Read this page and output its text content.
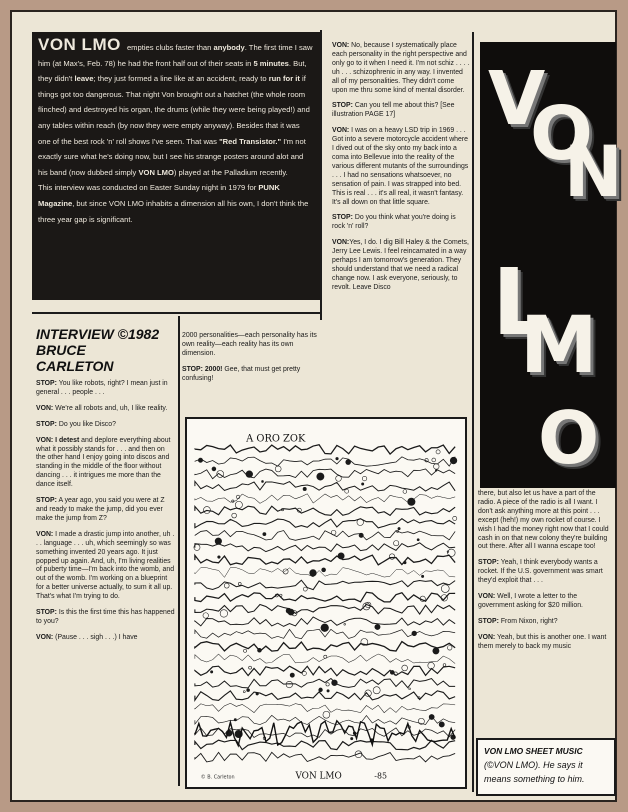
VON LMO empties clubs faster than anybody. The first time I saw him (at Max's, Feb. 78) he had the front half out of their seats in 5 minutes. But, they didn't leave; they just formed a line like at an accident, ready to run for it if things got too dangerous. That night Von brought out a hatchet (the whole room flinched) and destroyed his organ, the drums (while they were being played!) and any tables within reach (by now they were empty anyway). Besides that it was one of the best rock 'n' roll shows I've seen. That was "Red Transistor." I'm not exactly sure what he's doing now, but I see his strange posters around alot and his band (now dubbed simply VON LMO) played at the Palladium recently.
This interview was conducted on Easter Sunday night in 1979 for PUNK Magazine, but since VON LMO inhabits a dimension all his own, I don't think the three year gap is significant.
INTERVIEW ©1982 BRUCE CARLETON

STOP: You like robots, right? I mean just in general . . . people . . .

VON: We're all robots and, uh, I like reality.

STOP: Do you like Disco?

VON: I detest and deplore everything about what it possibly stands for . . . and then on the other hand I enjoy going into discos and standing in the middle of the floor without dancing . . . it intrigues me more than the dance itself.

STOP: A year ago, you said you were at Z and ready to make the jump, did you ever make the jump from Z?

VON: I made a drastic jump into another, uh . . . language . . . uh, which seemingly so was something invented 20 years ago. It just popped up again. And, uh, I'm living realities of puberty time—I'm back into the womb, and out of the womb. I'm working on a blueprint for a better universe actually, to sum it all up. That's what I'm trying to do.

STOP: Is this the first time this has happened to you?

VON: (Pause . . . sigh . . .) I have

2000 personalities—each personality has its own reality—each reality has its own dimension.

STOP: 2000! Gee, that must get pretty confusing!

VON: No, because I systematically place each personality in the right perspective and only go to it when I need it. I'm not schiz . . . . uh . . . schizophrenic in any way. I invented all of my personalities. They didn't come upon me thru some kind of mental disorder.

STOP: Can you tell me about this? [See illustration PAGE 17]

VON: I was on a heavy LSD trip in 1969 . . . Got into a severe motorcycle accident where I dived out of the sky onto my back into a coma into Bellevue into the reality of the various different mutants of the surroundings . . . I had no sensations whatsoever, no sensation of pain. I was strapped into bed. This is real . . . it's all real, it wasn't fantasy. It's all down on that little square.

STOP: Do you think what you're doing is rock 'n' roll?

VON:Yes, I do. I dig Bill Haley & the Comets, Jerry Lee Lewis. I feel reincarnated in a way perhaps I am tomorrow's generation. They should understand that we need a radical change now. I ask everyone, seriously, to revolt. Leave Disco

A ORO ZOK
VON LMO
© B. Carleton	-85
V
O
N
L
M
O

there, but also let us have a part of the radio. A piece of the radio is all I want. I don't ask anything more at this point . . . except (heh!) my own rocket of course. I wish I had the money right now that I could cash in on that new colony they're building out there. After all I wanna escape too!

STOP: Yeah, I think everybody wants a rocket. If the U.S. government was smart they'd exploit that . . .

VON: Well, I wrote a letter to the government asking for $20 million.

STOP: From Nixon, right?

VON: Yeah, but this is another one. I want them merely to back my music

VON LMO SHEET MUSIC
(©VON LMO). He says it means something to him.
